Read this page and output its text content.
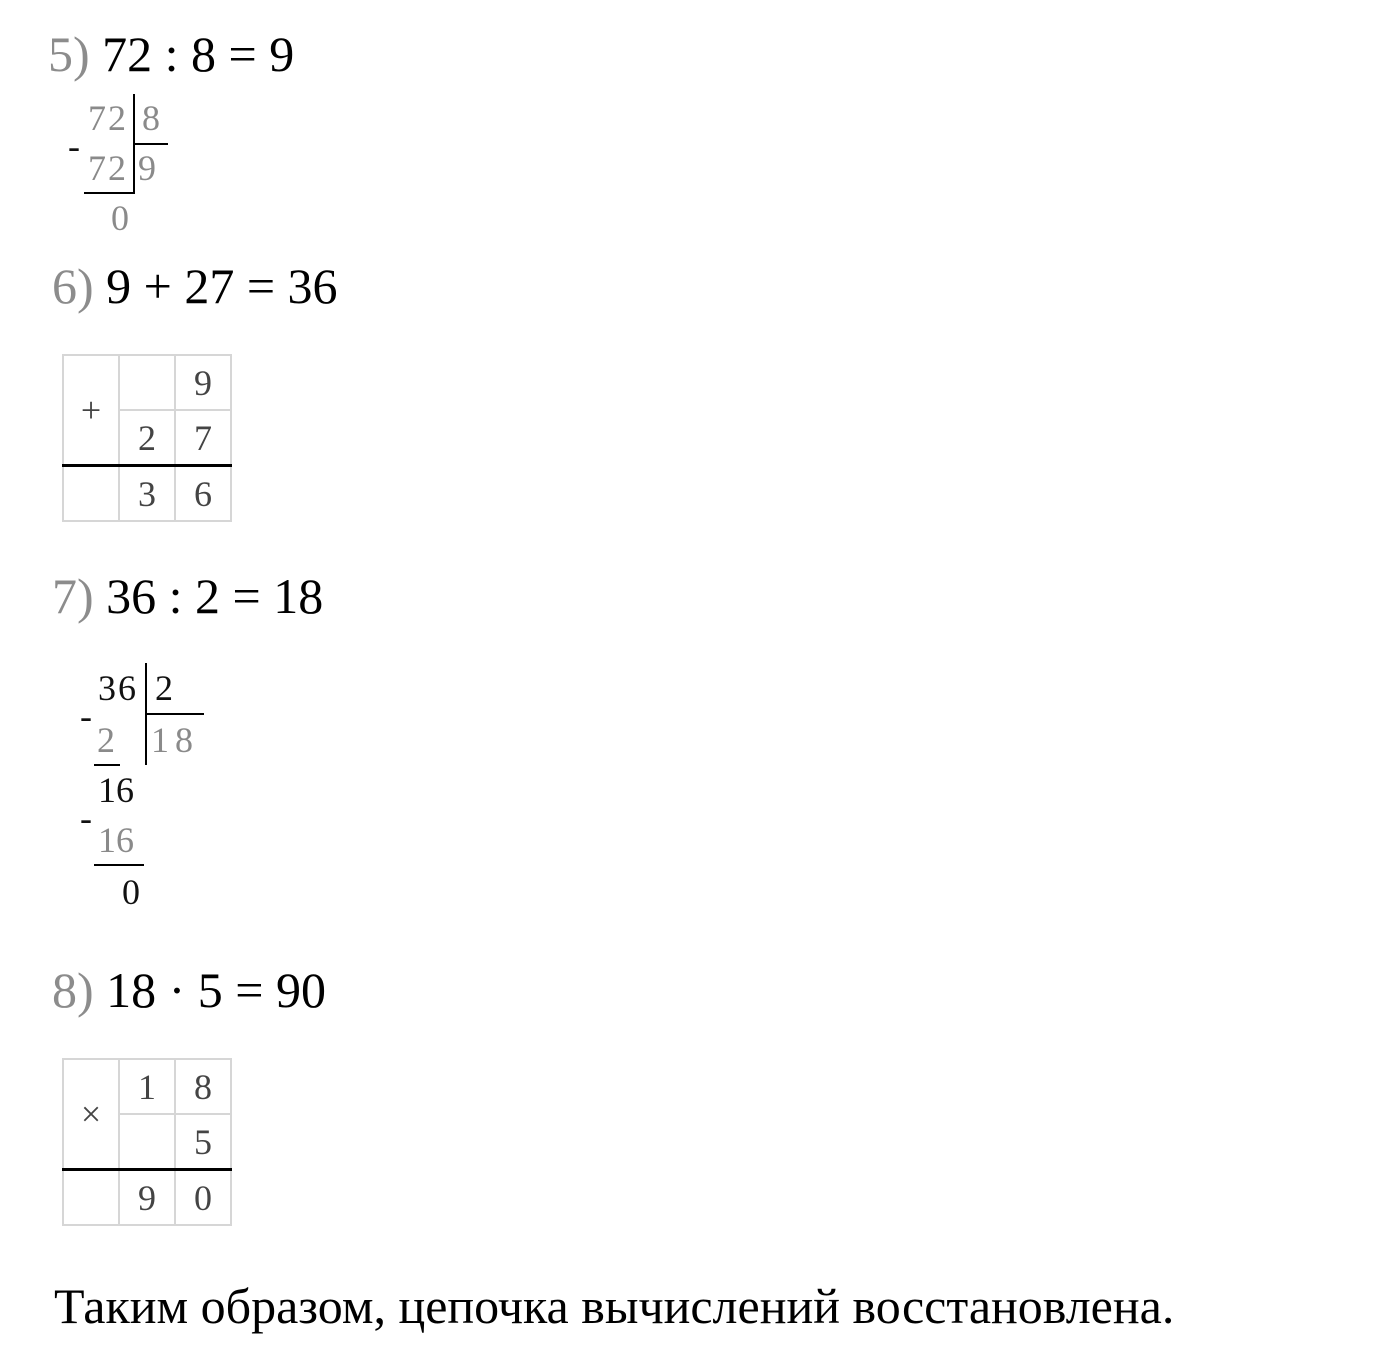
5) 72 : 8 = 9

-
72 8
72 9
0

6) 9 + 27 = 36

+		9
	2	7
	3	6

7) 36 : 2 = 18

-
36 2
2 18
16
-
16
0

8) 18 · 5 = 90

×	1	8
		5
	9	0

Таким образом, цепочка вычислений восстановлена.
